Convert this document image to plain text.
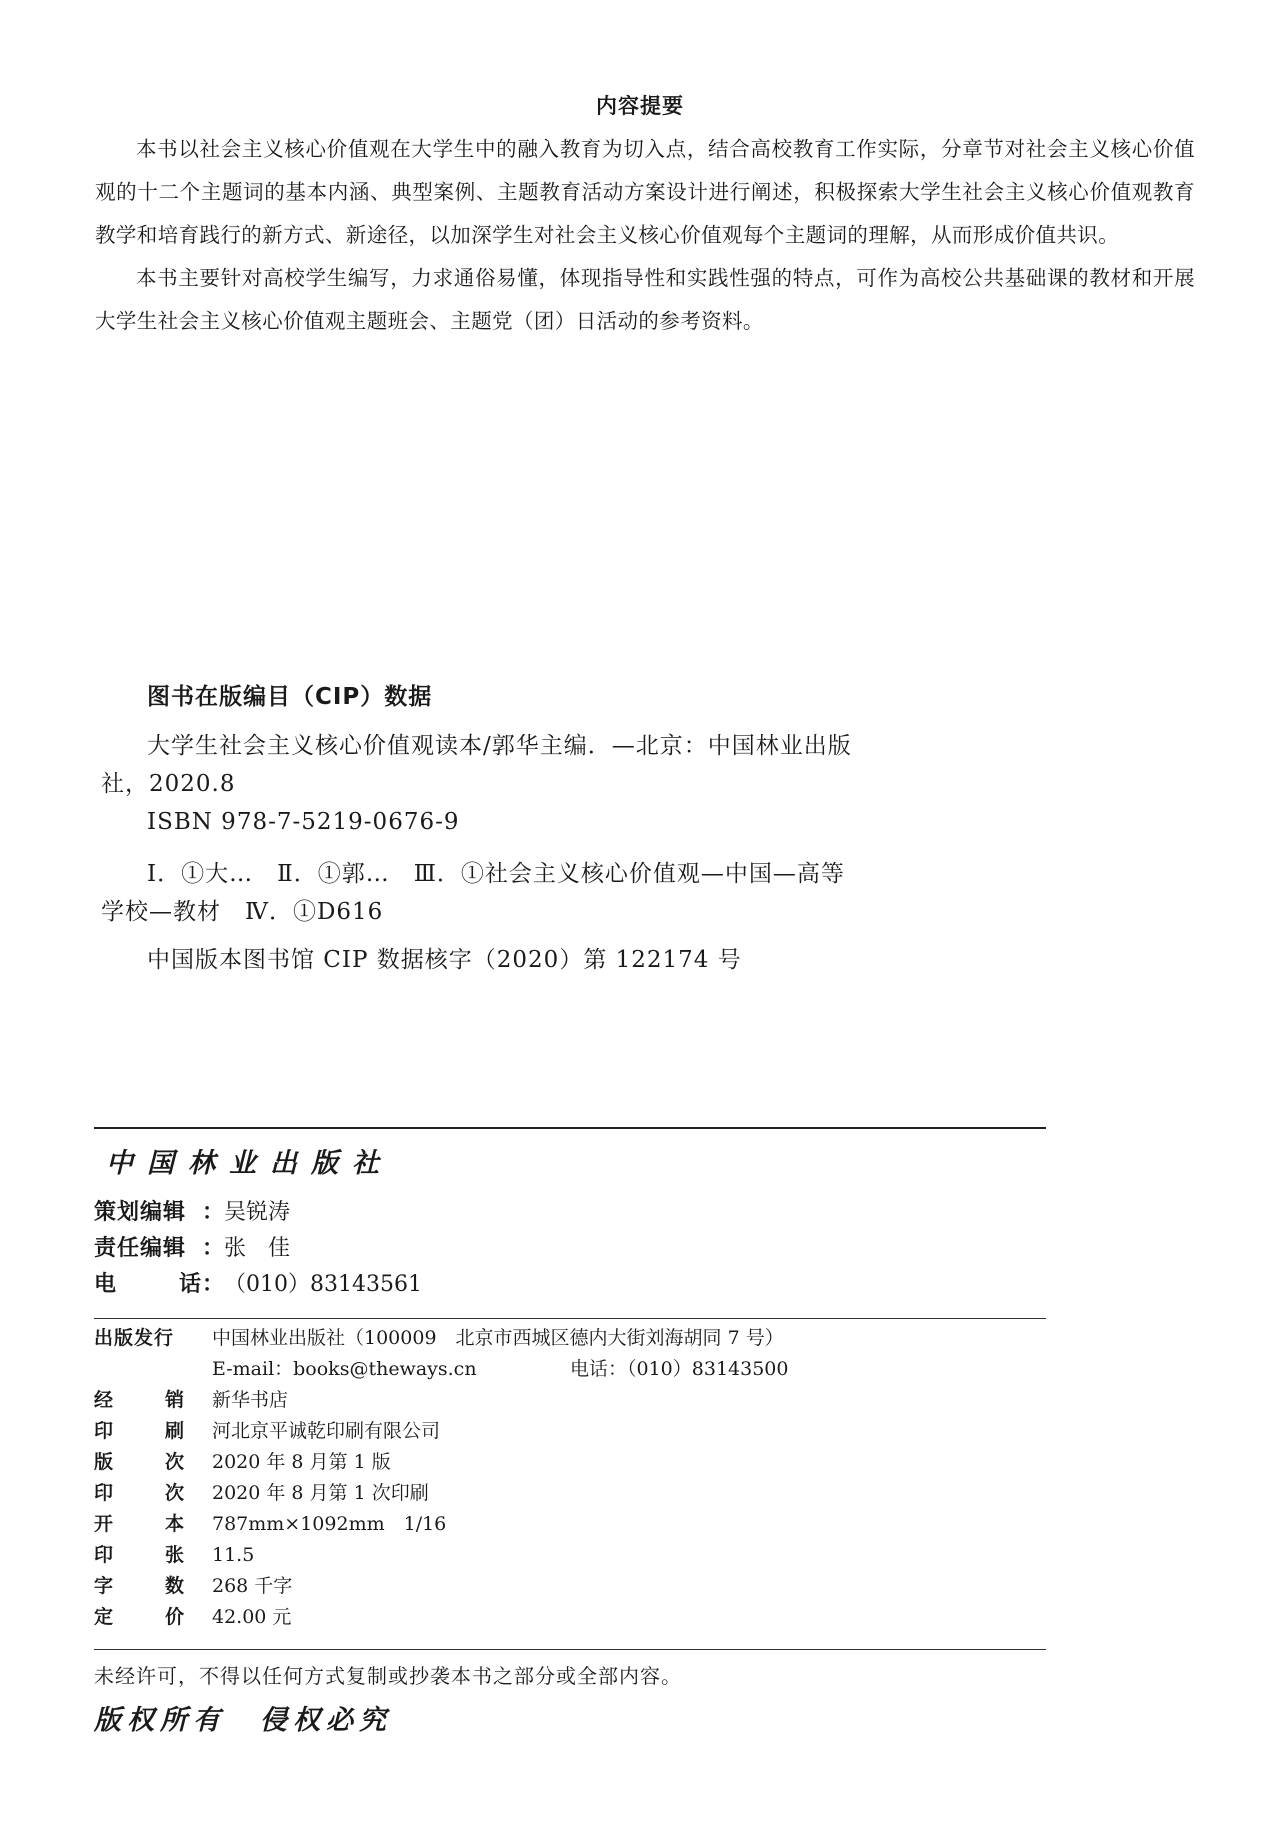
内容提要

本书以社会主义核心价值观在大学生中的融入教育为切入点，结合高校教育工作实际，分章节对社会主义核心价值观的十二个主题词的基本内涵、典型案例、主题教育活动方案设计进行阐述，积极探索大学生社会主义核心价值观教育教学和培育践行的新方式、新途径，以加深学生对社会主义核心价值观每个主题词的理解，从而形成价值共识。

本书主要针对高校学生编写，力求通俗易懂，体现指导性和实践性强的特点，可作为高校公共基础课的教材和开展大学生社会主义核心价值观主题班会、主题党（团）日活动的参考资料。

图书在版编目（CIP）数据
大学生社会主义核心价值观读本/郭华主编．—北京：中国林业出版
社，2020.8
ISBN 978-7-5219-0676-9
Ⅰ．①大…　Ⅱ．①郭…　Ⅲ．①社会主义核心价值观—中国—高等
学校—教材　Ⅳ．①D616
中国版本图书馆 CIP 数据核字（2020）第 122174 号
中国林业出版社
策划编辑 ： 吴锐涛
责任编辑 ： 张　佳
电	话 ： （010）83143561
出版发行	中国林业出版社（100009　北京市西城区德内大街刘海胡同 7 号）
E-mail：books@theways.cn	电话：（010）83143500
经	销 新华书店
印	刷 河北京平诚乾印刷有限公司
版	次 2020 年 8 月第 1 版
印	次 2020 年 8 月第 1 次印刷
开	本 787mm×1092mm　1/16
印	张 11.5
字	数 268 千字
定	价 42.00 元
未经许可，不得以任何方式复制或抄袭本书之部分或全部内容。
版权所有 侵权必究
